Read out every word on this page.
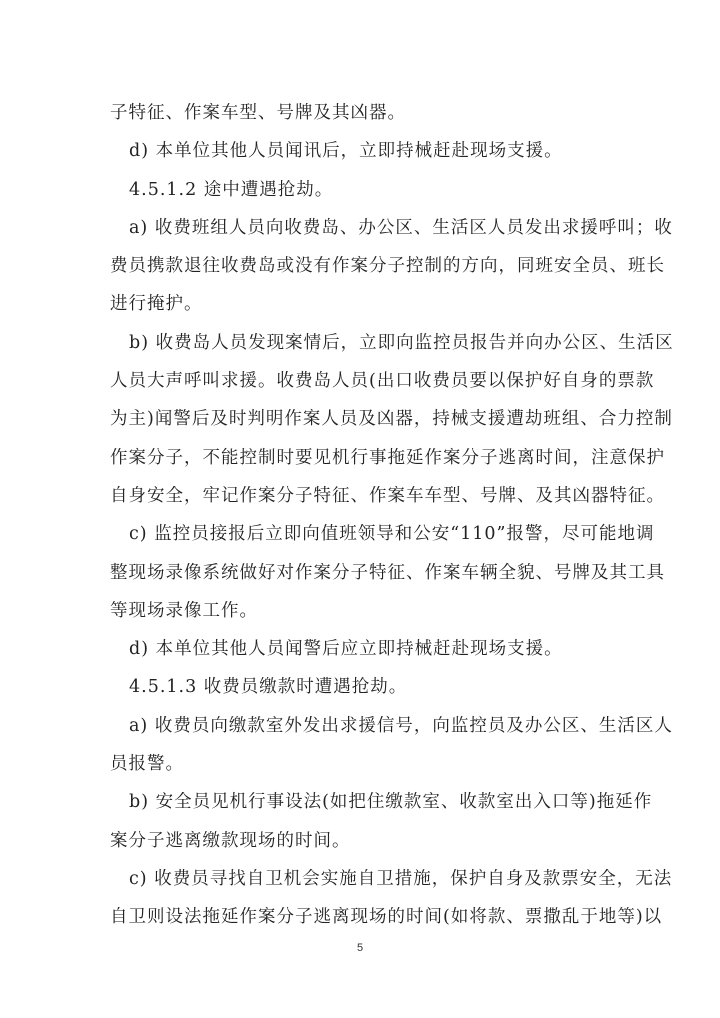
子特征、作案车型、号牌及其凶器。
d) 本单位其他人员闻讯后，立即持械赶赴现场支援。
4.5.1.2 途中遭遇抢劫。
a) 收费班组人员向收费岛、办公区、生活区人员发出求援呼叫；收
费员携款退往收费岛或没有作案分子控制的方向，同班安全员、班长
进行掩护。
b) 收费岛人员发现案情后，立即向监控员报告并向办公区、生活区
人员大声呼叫求援。收费岛人员(出口收费员要以保护好自身的票款
为主)闻警后及时判明作案人员及凶器，持械支援遭劫班组、合力控制
作案分子，不能控制时要见机行事拖延作案分子逃离时间，注意保护
自身安全，牢记作案分子特征、作案车车型、号牌、及其凶器特征。
c) 监控员接报后立即向值班领导和公安“110”报警，尽可能地调
整现场录像系统做好对作案分子特征、作案车辆全貌、号牌及其工具
等现场录像工作。
d) 本单位其他人员闻警后应立即持械赶赴现场支援。
4.5.1.3 收费员缴款时遭遇抢劫。
a) 收费员向缴款室外发出求援信号，向监控员及办公区、生活区人
员报警。
b) 安全员见机行事设法(如把住缴款室、收款室出入口等)拖延作
案分子逃离缴款现场的时间。
c) 收费员寻找自卫机会实施自卫措施，保护自身及款票安全，无法
自卫则设法拖延作案分子逃离现场的时间(如将款、票撒乱于地等)以
5
